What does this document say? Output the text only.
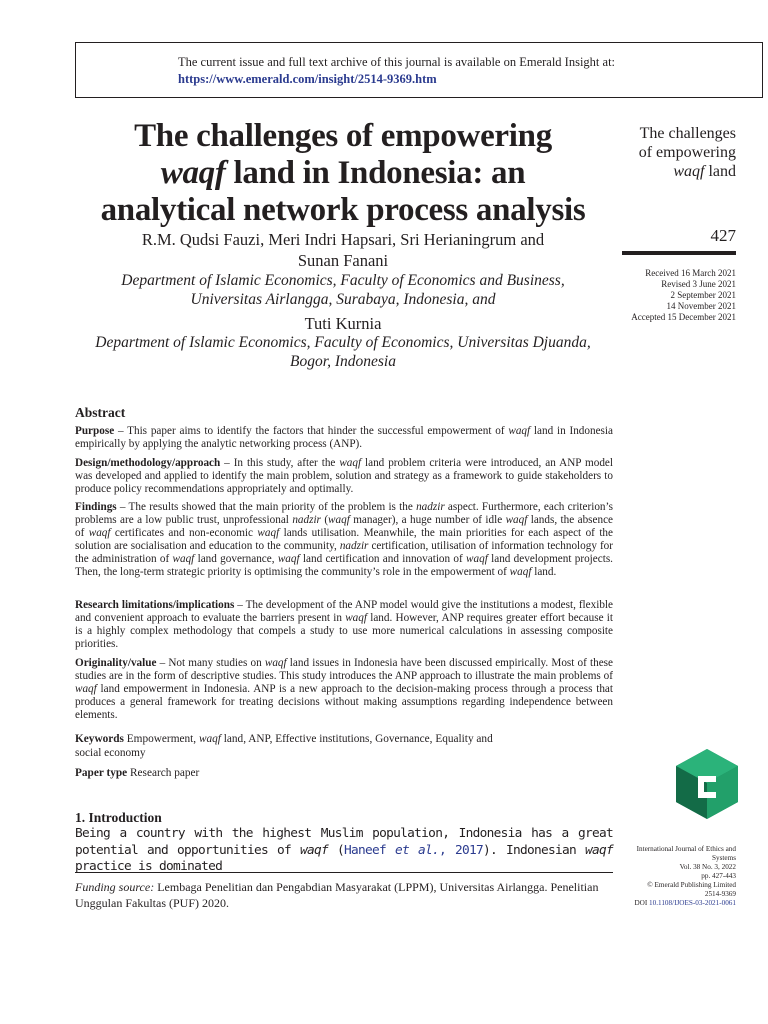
The current issue and full text archive of this journal is available on Emerald Insight at:
https://www.emerald.com/insight/2514-9369.htm
The challenges of empowering
waqf land in Indonesia: an
analytical network process analysis
R.M. Qudsi Fauzi, Meri Indri Hapsari, Sri Herianingrum and
Sunan Fanani
Department of Islamic Economics, Faculty of Economics and Business,
Universitas Airlangga, Surabaya, Indonesia, and
Tuti Kurnia
Department of Islamic Economics, Faculty of Economics, Universitas Djuanda,
Bogor, Indonesia
The challenges
of empowering
waqf land
427
Received 16 March 2021
Revised 3 June 2021
2 September 2021
14 November 2021
Accepted 15 December 2021
Abstract
Purpose – This paper aims to identify the factors that hinder the successful empowerment of waqf land in Indonesia empirically by applying the analytic networking process (ANP).
Design/methodology/approach – In this study, after the waqf land problem criteria were introduced, an ANP model was developed and applied to identify the main problem, solution and strategy as a framework to guide stakeholders to produce policy recommendations appropriately and optimally.
Findings – The results showed that the main priority of the problem is the nadzir aspect. Furthermore, each criterion’s problems are a low public trust, unprofessional nadzir (waqf manager), a huge number of idle waqf lands, the absence of waqf certificates and non-economic waqf lands utilisation. Meanwhile, the main priorities for each aspect of the solution are socialisation and education to the community, nadzir certification, utilisation of information technology for the administration of waqf land governance, waqf land certification and innovation of waqf land development projects. Then, the long-term strategic priority is optimising the community’s role in the empowerment of waqf land.
Research limitations/implications – The development of the ANP model would give the institutions a modest, flexible and convenient approach to evaluate the barriers present in waqf land. However, ANP requires greater effort because it is a highly complex methodology that compels a study to use more numerical calculations in assessing composite priorities.
Originality/value – Not many studies on waqf land issues in Indonesia have been discussed empirically. Most of these studies are in the form of descriptive studies. This study introduces the ANP approach to illustrate the main problems of waqf land empowerment in Indonesia. ANP is a new approach to the decision-making process through a process that produces a general framework for treating decisions without making assumptions regarding independence between elements.
Keywords Empowerment, waqf land, ANP, Effective institutions, Governance, Equality and social economy
Paper type Research paper
1. Introduction
Being a country with the highest Muslim population, Indonesia has a great potential and opportunities of waqf (Haneef et al., 2017). Indonesian waqf practice is dominated
International Journal of Ethics and Systems
Vol. 38 No. 3, 2022
pp. 427-443
© Emerald Publishing Limited
2514-9369
DOI 10.1108/IJOES-03-2021-0061
Funding source: Lembaga Penelitian dan Pengabdian Masyarakat (LPPM), Universitas Airlangga. Penelitian Unggulan Fakultas (PUF) 2020.
